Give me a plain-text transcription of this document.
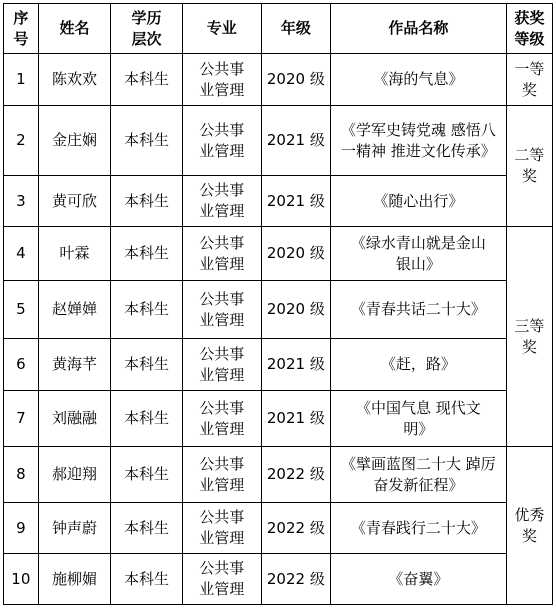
序号	姓名	学历层次	专业	年级	作品名称	获奖等级
1	陈欢欢	本科生	公共事业管理	2020 级	《海的气息》	一等奖
2	金庄娴	本科生	公共事业管理	2021 级	《学军史铸党魂 感悟八一精神 推进文化传承》	二等奖
3	黄可欣	本科生	公共事业管理	2021 级	《随心出行》	
4	叶霖	本科生	公共事业管理	2020 级	《绿水青山就是金山银山》	三等奖
5	赵婵婵	本科生	公共事业管理	2020 级	《青春共话二十大》	
6	黄海芊	本科生	公共事业管理	2021 级	《赶，路》	
7	刘融融	本科生	公共事业管理	2021 级	《中国气息 现代文明》	
8	郝迎翔	本科生	公共事业管理	2022 级	《擘画蓝图二十大 踔厉奋发新征程》	优秀奖
9	钟声蔚	本科生	公共事业管理	2022 级	《青春践行二十大》	
10	施柳媚	本科生	公共事业管理	2022 级	《奋翼》	
